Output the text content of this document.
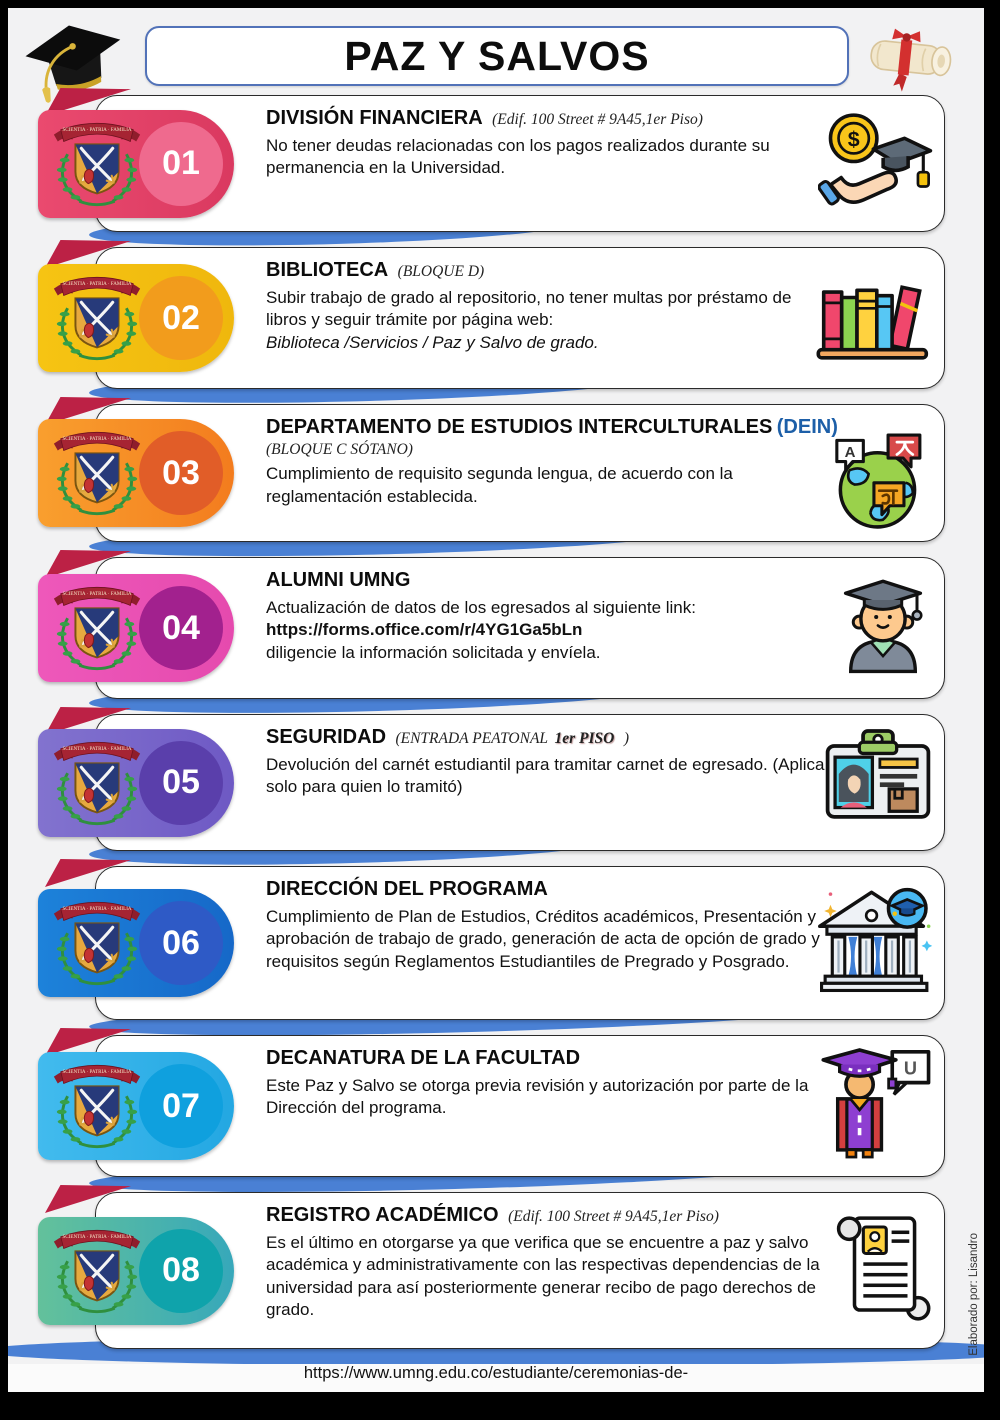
PAZ Y SALVOS
DIVISIÓN FINANCIERA (Edif. 100 Street # 9A45,1er Piso)
No tener deudas relacionadas con los pagos realizados durante su permanencia en la Universidad.
$
01
BIBLIOTECA (BLOQUE D)
Subir trabajo de grado al repositorio, no tener multas por préstamo de libros y seguir trámite por página web:
Biblioteca /Servicios / Paz y Salvo de grado.
02
DEPARTAMENTO DE ESTUDIOS INTERCULTURALES (DEIN)
(BLOQUE C SÓTANO)
Cumplimiento de requisito segunda lengua, de acuerdo con la reglamentación establecida.
A
03
ALUMNI UMNG
Actualización de datos de los egresados al siguiente link:
https://forms.office.com/r/4YG1Ga5bLn
diligencie la información solicitada y envíela.
04
SEGURIDAD (ENTRADA PEATONAL 1er PISO )
Devolución del carnét estudiantil para tramitar carnet de egresado. (Aplica solo para quien lo tramitó)
05
DIRECCIÓN DEL PROGRAMA
Cumplimiento de Plan de Estudios, Créditos académicos, Presentación y aprobación de trabajo de grado, generación de acta de opción de grado y requisitos según Reglamentos Estudiantiles de Pregrado y Posgrado.
06
DECANATURA DE LA FACULTAD
Este Paz y Salvo se otorga previa revisión y autorización por parte de la Dirección del programa.
U
07
REGISTRO ACADÉMICO (Edif. 100 Street # 9A45,1er Piso)
Es el último en otorgarse ya que verifica que se encuentre a paz y salvo académica y administrativamente con las respectivas dependencias de la universidad para así posteriormente generar recibo de pago derechos de grado.
08
https://www.umng.edu.co/estudiante/ceremonias-de-
Elaborado por: Lisandro
